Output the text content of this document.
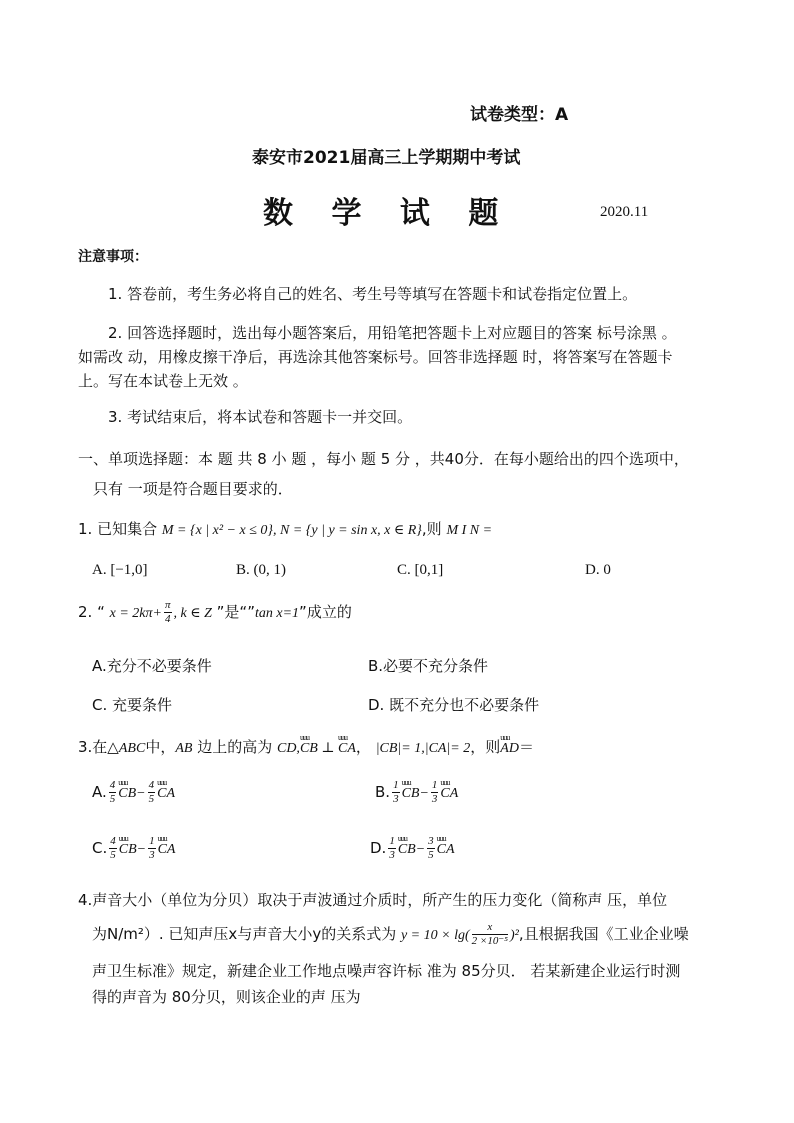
试卷类型：A
泰安市2021届高三上学期期中考试
数 学 试 题	2020.11
注意事项：
1. 答卷前，考生务必将自己的姓名、考生号等填写在答题卡和试卷指定位置上。
2. 回答选择题时，选出每小题答案后，用铅笔把答题卡上对应题目的答案 标号涂黑 。
如需改 动，用橡皮擦干净后，再选涂其他答案标号。回答非选择题 时，将答案写在答题卡
上。写在本试卷上无效 。
3. 考试结束后，将本试卷和答题卡一并交回。
一、单项选择题：本 题 共 8 小 题 ，每小 题 5 分 ，共40分．在每小题给出的四个选项中，
只有 一项是符合题目要求的．
1. 已知集合 M = {x | x² − x ≤ 0}, N = {y | y = sin x, x ∈ R},则 M I N =
A. [−1,0]	B. (0, 1)	C. [0,1]	D. 0
2. “ $x = 2k\pi+ \frac{\pi}{4}$ , k ∈ Z ”是“”tan x=1”成立的
A.充分不必要条件	B.必要不充分条件
C. 充要条件	D. 既不充分也不必要条件
3.在△ABC中，AB 边上的高为 CD,uuu CB ⊥ uuu CA， |CB|= 1,|CA|= 2，则uuu AD＝
A. $\frac{4}{5}$ uuu $CB- \frac{4}{5}$ uuu CA	B. $\frac{1}{3}$ uuu $CB- \frac{1}{3}$ uuu CA
C. $\frac{4}{5}$ uuu $CB- \frac{1}{3}$ uuu CA	D. $\frac{1}{3}$ uuu $CB- \frac{3}{5}$ uuu CA
4.声音大小（单位为分贝）取决于声波通过介质时，所产生的压力变化（简称声 压，单位
为N/m²）. 已知声压x与声音大小y的关系式为 $y = 10 \times \lg( \frac{x}{\text{2 ×10⁻⁵}} )^2$,且根据我国《工业企业噪
声卫生标准》规定，新建企业工作地点噪声容许标 准为 85分贝． 若某新建企业运行时测
得的声音为 80分贝，则该企业的声 压为
